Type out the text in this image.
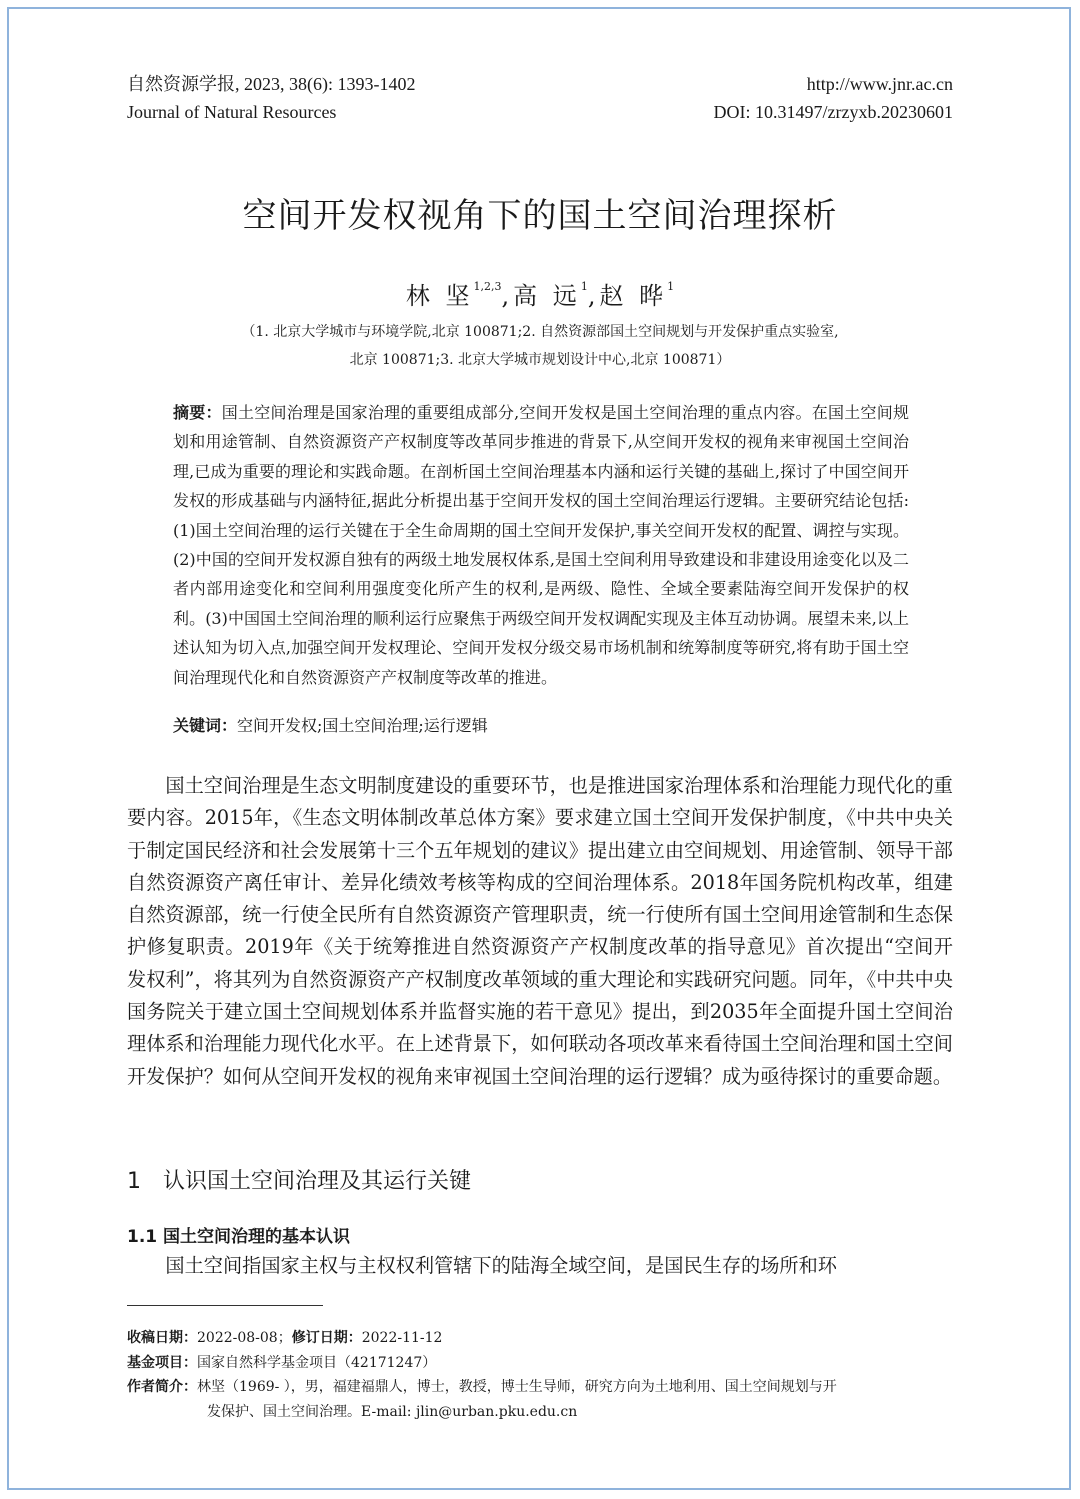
自然资源学报, 2023, 38(6): 1393-1402
Journal of Natural Resources
http://www.jnr.ac.cn
DOI: 10.31497/zrzyxb.20230601
空间开发权视角下的国土空间治理探析
林 坚$^{1,2,3}$,高 远$^1$,赵 晔$^1$
（1. 北京大学城市与环境学院,北京 100871;2. 自然资源部国土空间规划与开发保护重点实验室,
北京 100871;3. 北京大学城市规划设计中心,北京 100871）
摘要：国土空间治理是国家治理的重要组成部分,空间开发权是国土空间治理的重点内容。在国土空间规划和用途管制、自然资源资产产权制度等改革同步推进的背景下,从空间开发权的视角来审视国土空间治理,已成为重要的理论和实践命题。在剖析国土空间治理基本内涵和运行关键的基础上,探讨了中国空间开发权的形成基础与内涵特征,据此分析提出基于空间开发权的国土空间治理运行逻辑。主要研究结论包括:(1)国土空间治理的运行关键在于全生命周期的国土空间开发保护,事关空间开发权的配置、调控与实现。(2)中国的空间开发权源自独有的两级土地发展权体系,是国土空间利用导致建设和非建设用途变化以及二者内部用途变化和空间利用强度变化所产生的权利,是两级、隐性、全域全要素陆海空间开发保护的权利。(3)中国国土空间治理的顺利运行应聚焦于两级空间开发权调配实现及主体互动协调。展望未来,以上述认知为切入点,加强空间开发权理论、空间开发权分级交易市场机制和统筹制度等研究,将有助于国土空间治理现代化和自然资源资产产权制度等改革的推进。
关键词：空间开发权;国土空间治理;运行逻辑
国土空间治理是生态文明制度建设的重要环节，也是推进国家治理体系和治理能力现代化的重要内容。2015年，《生态文明体制改革总体方案》要求建立国土空间开发保护制度，《中共中央关于制定国民经济和社会发展第十三个五年规划的建议》提出建立由空间规划、用途管制、领导干部自然资源资产离任审计、差异化绩效考核等构成的空间治理体系。2018年国务院机构改革，组建自然资源部，统一行使全民所有自然资源资产管理职责，统一行使所有国土空间用途管制和生态保护修复职责。2019年《关于统筹推进自然资源资产产权制度改革的指导意见》首次提出“空间开发权利”，将其列为自然资源资产产权制度改革领域的重大理论和实践研究问题。同年，《中共中央 国务院关于建立国土空间规划体系并监督实施的若干意见》提出，到2035年全面提升国土空间治理体系和治理能力现代化水平。在上述背景下，如何联动各项改革来看待国土空间治理和国土空间开发保护？如何从空间开发权的视角来审视国土空间治理的运行逻辑？成为亟待探讨的重要命题。
1　认识国土空间治理及其运行关键
1.1 国土空间治理的基本认识
国土空间指国家主权与主权权利管辖下的陆海全域空间，是国民生存的场所和环
收稿日期：2022-08-08；修订日期：2022-11-12
基金项目：国家自然科学基金项目（42171247）
作者简介：林坚（1969- ），男，福建福鼎人，博士，教授，博士生导师，研究方向为土地利用、国土空间规划与开
发保护、国土空间治理。E-mail: jlin@urban.pku.edu.cn
